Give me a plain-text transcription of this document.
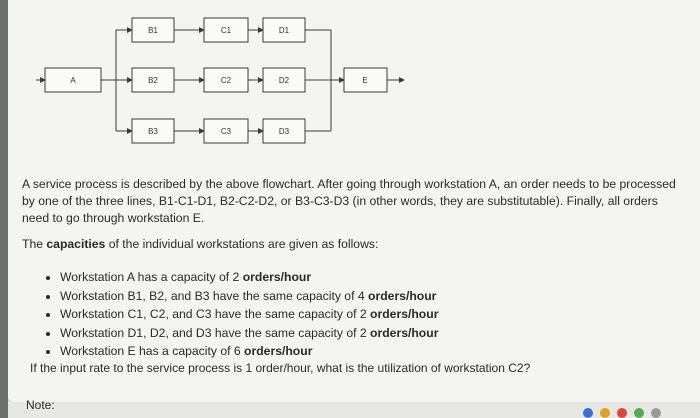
A
B1
B2
B3
C1
C2
C3
D1
D2
D3
E

A service process is described by the above flowchart. After going through workstation A, an order needs to be processed by one of the three lines, B1-C1-D1, B2-C2-D2, or B3-C3-D3 (in other words, they are substitutable). Finally, all orders need to go through workstation E.

The capacities of the individual workstations are given as follows:

• Workstation A has a capacity of 2 orders/hour
• Workstation B1, B2, and B3 have the same capacity of 4 orders/hour
• Workstation C1, C2, and C3 have the same capacity of 2 orders/hour
• Workstation D1, D2, and D3 have the same capacity of 2 orders/hour
• Workstation E has a capacity of 6 orders/hour

If the input rate to the service process is 1 order/hour, what is the utilization of workstation C2?

Note:
